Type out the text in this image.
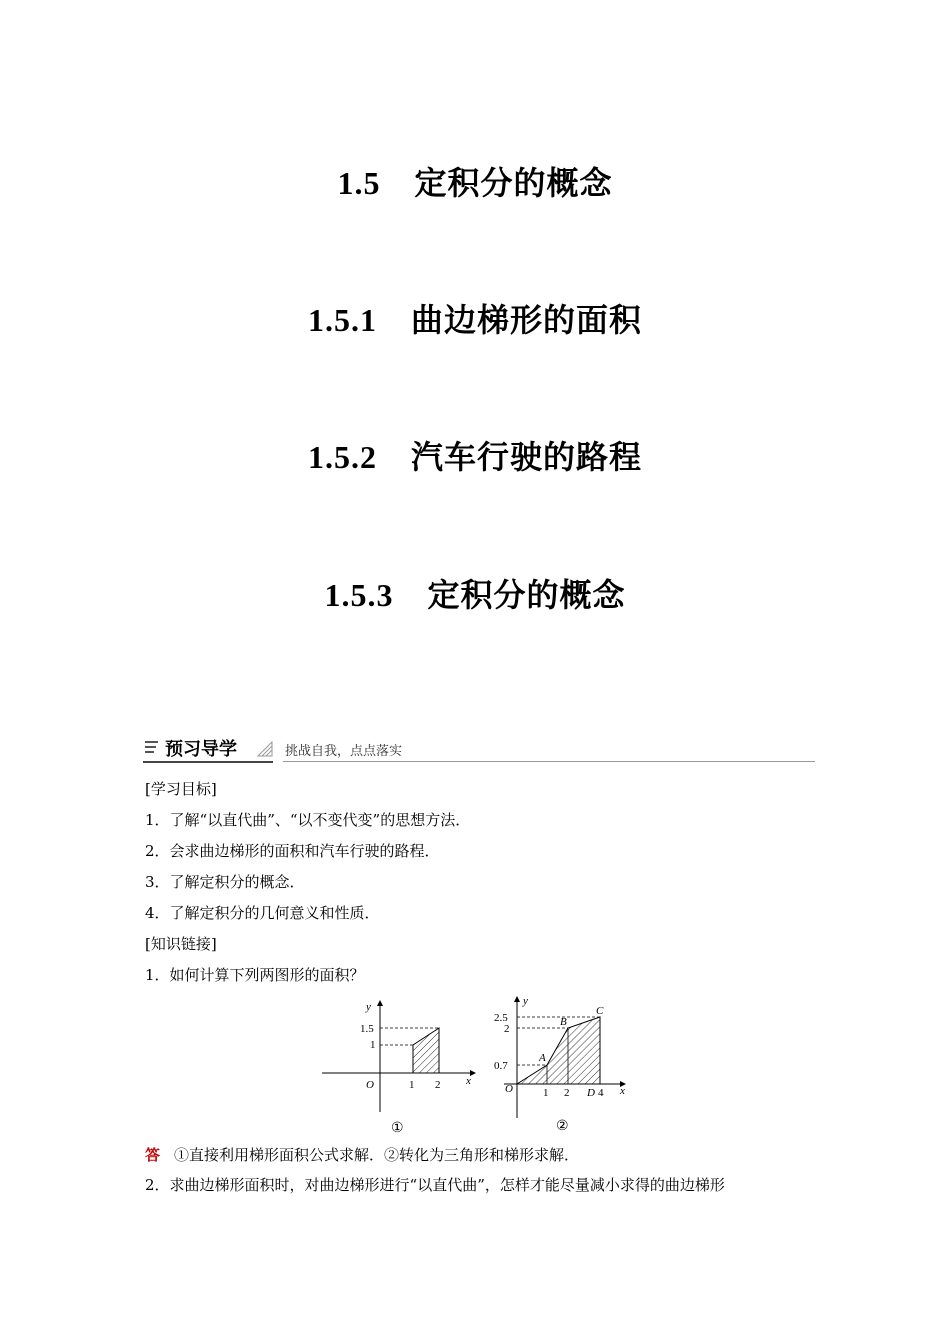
1.5 定积分的概念
1.5.1 曲边梯形的面积
1.5.2 汽车行驶的路程
1.5.3 定积分的概念
预习导学	挑战自我，点点落实
[学习目标]
1．了解“以直代曲”、“以不变代变”的思想方法．
2．会求曲边梯形的面积和汽车行驶的路程．
3．了解定积分的概念．
4．了解定积分的几何意义和性质．
[知识链接]
1．如何计算下列两图形的面积？
O	1 2 x
y
1.5
1
①
O	1 2 D 4 x
y
2.5
2
0.7
A
B
C
②
答 ①直接利用梯形面积公式求解．②转化为三角形和梯形求解．
2．求曲边梯形面积时，对曲边梯形进行“以直代曲”，怎样才能尽量减小求得的曲边梯形
